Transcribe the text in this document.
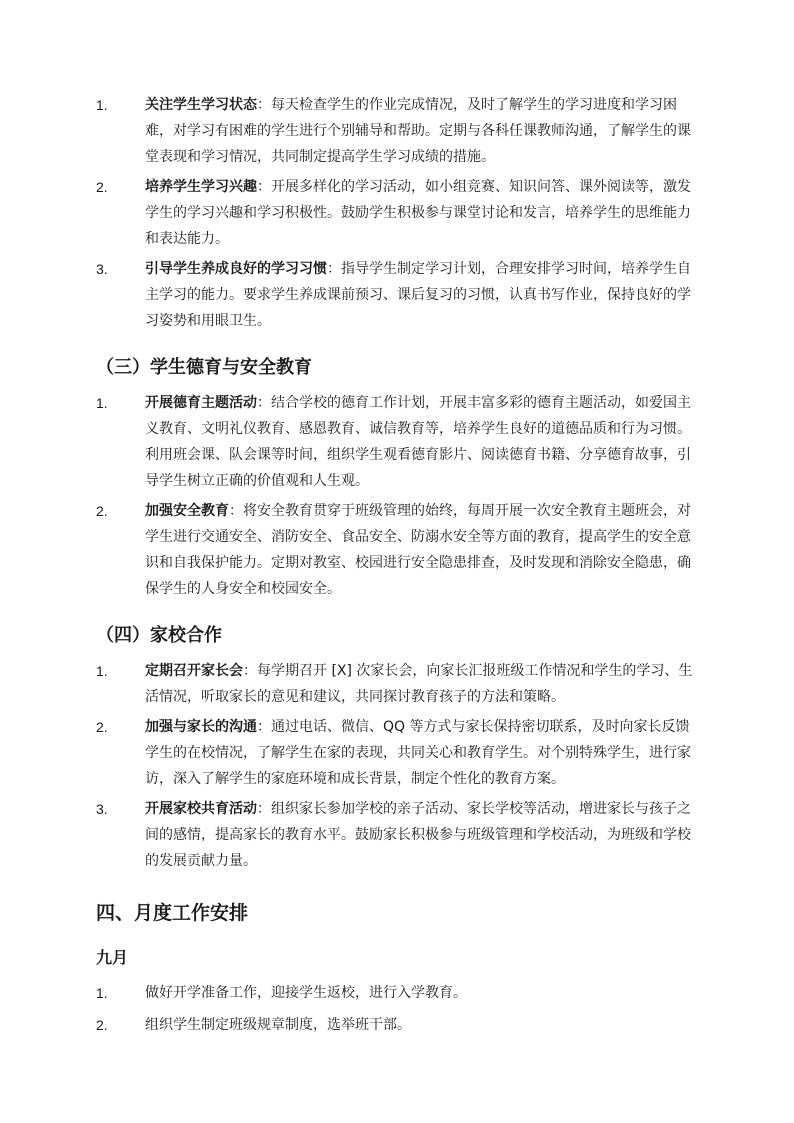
1.	关注学生学习状态：每天检查学生的作业完成情况，及时了解学生的学习进度和学习困难，对学习有困难的学生进行个别辅导和帮助。定期与各科任课教师沟通，了解学生的课堂表现和学习情况，共同制定提高学生学习成绩的措施。
2.	培养学生学习兴趣：开展多样化的学习活动，如小组竞赛、知识问答、课外阅读等，激发学生的学习兴趣和学习积极性。鼓励学生积极参与课堂讨论和发言，培养学生的思维能力和表达能力。
3.	引导学生养成良好的学习习惯：指导学生制定学习计划，合理安排学习时间，培养学生自主学习的能力。要求学生养成课前预习、课后复习的习惯，认真书写作业，保持良好的学习姿势和用眼卫生。
（三）学生德育与安全教育
1.	开展德育主题活动：结合学校的德育工作计划，开展丰富多彩的德育主题活动，如爱国主义教育、文明礼仪教育、感恩教育、诚信教育等，培养学生良好的道德品质和行为习惯。利用班会课、队会课等时间，组织学生观看德育影片、阅读德育书籍、分享德育故事，引导学生树立正确的价值观和人生观。
2.	加强安全教育：将安全教育贯穿于班级管理的始终，每周开展一次安全教育主题班会，对学生进行交通安全、消防安全、食品安全、防溺水安全等方面的教育，提高学生的安全意识和自我保护能力。定期对教室、校园进行安全隐患排查，及时发现和消除安全隐患，确保学生的人身安全和校园安全。
（四）家校合作
1.	定期召开家长会：每学期召开 [X] 次家长会，向家长汇报班级工作情况和学生的学习、生活情况，听取家长的意见和建议，共同探讨教育孩子的方法和策略。
2.	加强与家长的沟通：通过电话、微信、QQ 等方式与家长保持密切联系，及时向家长反馈学生的在校情况，了解学生在家的表现，共同关心和教育学生。对个别特殊学生，进行家访，深入了解学生的家庭环境和成长背景，制定个性化的教育方案。
3.	开展家校共育活动：组织家长参加学校的亲子活动、家长学校等活动，增进家长与孩子之间的感情，提高家长的教育水平。鼓励家长积极参与班级管理和学校活动，为班级和学校的发展贡献力量。
四、月度工作安排
九月
1.	做好开学准备工作，迎接学生返校，进行入学教育。
2.	组织学生制定班级规章制度，选举班干部。
